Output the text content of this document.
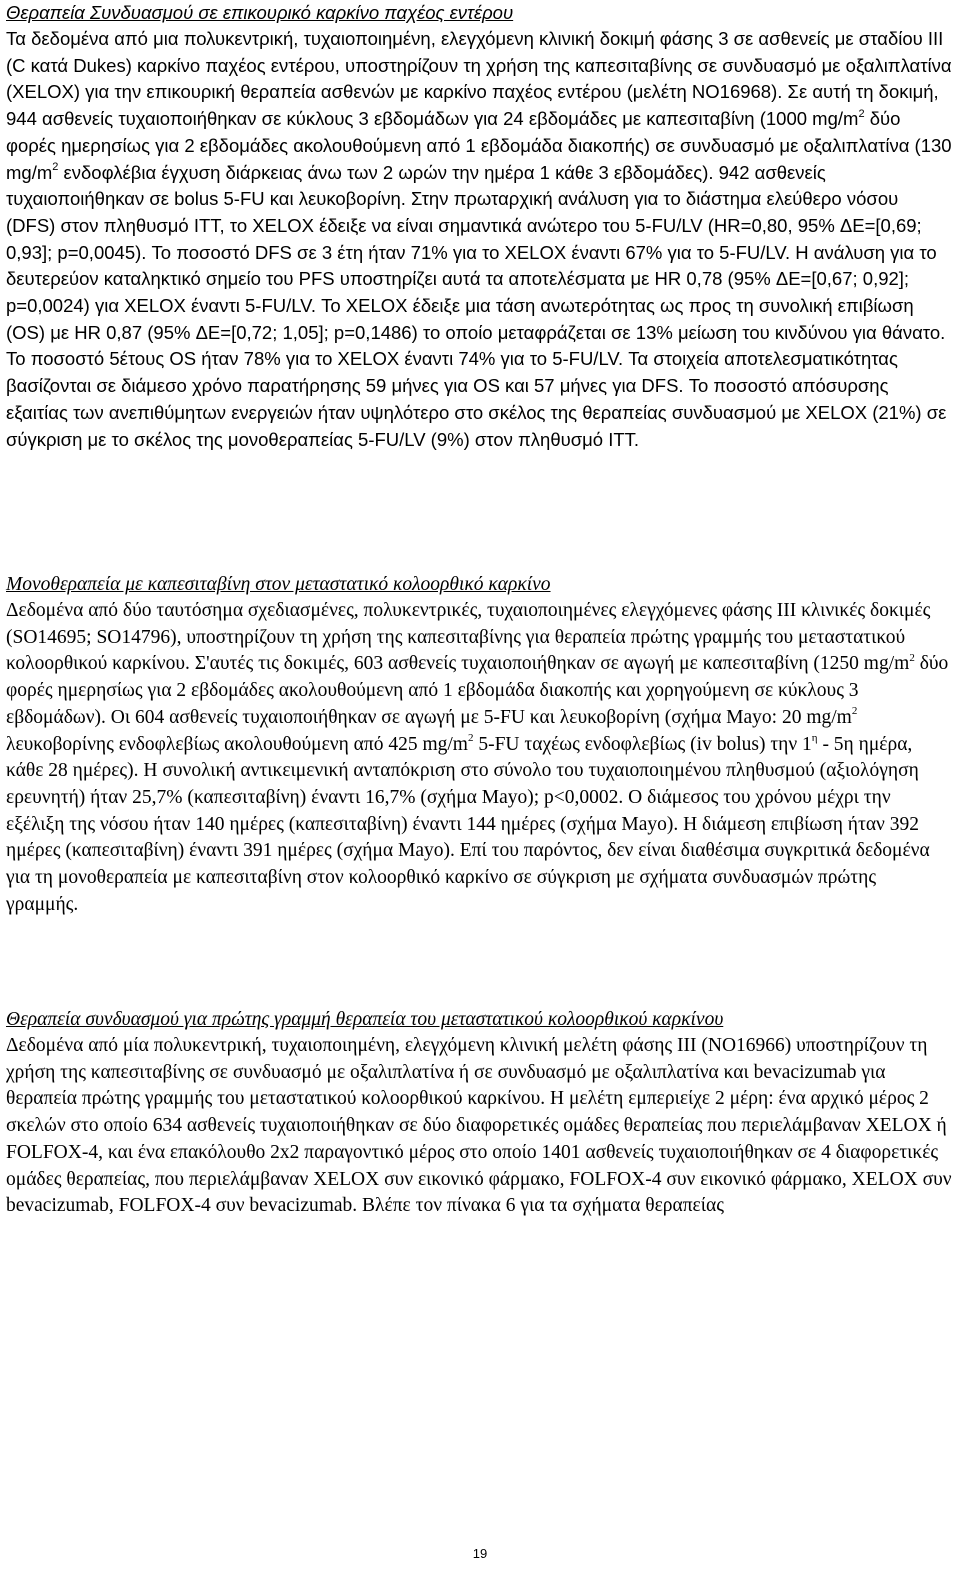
Θεραπεία Συνδυασμού σε επικουρικό καρκίνο παχέος εντέρου

Τα δεδομένα από μια πολυκεντρική, τυχαιοποιημένη, ελεγχόμενη κλινική δοκιμή φάσης 3 σε ασθενείς με σταδίου ΙΙΙ (C κατά Dukes) καρκίνο παχέος εντέρου, υποστηρίζουν τη χρήση της καπεσιταβίνης σε συνδυασμό με οξαλιπλατίνα (XELOX) για την επικουρική θεραπεία ασθενών με καρκίνο παχέος εντέρου (μελέτη NO16968). Σε αυτή τη δοκιμή, 944 ασθενείς τυχαιοποιήθηκαν σε κύκλους 3 εβδομάδων για 24 εβδομάδες με καπεσιταβίνη (1000 $mg/m^2$ δύο φορές ημερησίως για 2 εβδομάδες ακολουθούμενη από 1 εβδομάδα διακοπής) σε συνδυασμό με οξαλιπλατίνα (130 $mg/m^2$ ενδοφλέβια έγχυση διάρκειας άνω των 2 ωρών την ημέρα 1 κάθε 3 εβδομάδες). 942 ασθενείς τυχαιοποιήθηκαν σε bolus 5-FU και λευκοβορίνη. Στην πρωταρχική ανάλυση για το διάστημα ελεύθερο νόσου (DFS) στον πληθυσμό ITT, το XELOX έδειξε να είναι σημαντικά ανώτερο του 5-FU/LV (HR=0,80, 95% ΔΕ=[0,69; 0,93]; p=0,0045). Το ποσοστό DFS σε 3 έτη ήταν 71% για το XELOX έναντι 67% για το 5-FU/LV. Η ανάλυση για το δευτερεύον καταληκτικό σημείο του PFS υποστηρίζει αυτά τα αποτελέσματα με HR 0,78 (95% ΔΕ=[0,67; 0,92]; p=0,0024) για XELOX έναντι 5-FU/LV. Το XELOX έδειξε μια τάση ανωτερότητας ως προς τη συνολική επιβίωση (OS) με HR 0,87 (95% ΔΕ=[0,72; 1,05]; p=0,1486) το οποίο μεταφράζεται σε 13% μείωση του κινδύνου για θάνατο. Το ποσοστό 5έτους OS ήταν 78% για το XELOX έναντι 74% για το 5-FU/LV. Τα στοιχεία αποτελεσματικότητας βασίζονται σε διάμεσο χρόνο παρατήρησης 59 μήνες για OS και 57 μήνες για DFS. Το ποσοστό απόσυρσης εξαιτίας των ανεπιθύμητων ενεργειών ήταν υψηλότερο στο σκέλος της θεραπείας συνδυασμού με XELOX (21%) σε σύγκριση με το σκέλος της μονοθεραπείας 5-FU/LV (9%) στον πληθυσμό ITT.

Μονοθεραπεία με καπεσιταβίνη στον μεταστατικό κολοορθικό καρκίνο

Δεδομένα από δύο ταυτόσημα σχεδιασμένες, πολυκεντρικές, τυχαιοποιημένες ελεγχόμενες φάσης ΙΙΙ κλινικές δοκιμές (SO14695; SO14796), υποστηρίζουν τη χρήση της καπεσιταβίνης για θεραπεία πρώτης γραμμής του μεταστατικού κολοορθικού καρκίνου. Σ'αυτές τις δοκιμές, 603 ασθενείς τυχαιοποιήθηκαν σε αγωγή με καπεσιταβίνη (1250 $mg/m^2$ δύο φορές ημερησίως για 2 εβδομάδες ακολουθούμενη από 1 εβδομάδα διακοπής και χορηγούμενη σε κύκλους 3 εβδομάδων). Οι 604 ασθενείς τυχαιοποιήθηκαν σε αγωγή με 5-FU και λευκοβορίνη (σχήμα Mayo: 20 $mg/m^2$ λευκοβορίνης ενδοφλεβίως ακολουθούμενη από 425 $mg/m^2$ 5-FU ταχέως ενδοφλεβίως (iv bolus) την $1^\eta - 5\eta$ ημέρα, κάθε 28 ημέρες). Η συνολική αντικειμενική ανταπόκριση στο σύνολο του τυχαιοποιημένου πληθυσμού (αξιολόγηση ερευνητή) ήταν 25,7% (καπεσιταβίνη) έναντι 16,7% (σχήμα Mayo); p<0,0002. Ο διάμεσος του χρόνου μέχρι την εξέλιξη της νόσου ήταν 140 ημέρες (καπεσιταβίνη) έναντι 144 ημέρες (σχήμα Mayo). Η διάμεση επιβίωση ήταν 392 ημέρες (καπεσιταβίνη) έναντι 391 ημέρες (σχήμα Mayo). Επί του παρόντος, δεν είναι διαθέσιμα συγκριτικά δεδομένα για τη μονοθεραπεία με καπεσιταβίνη στον κολοορθικό καρκίνο σε σύγκριση με σχήματα συνδυασμών πρώτης γραμμής.

Θεραπεία συνδυασμού για πρώτης γραμμή θεραπεία του μεταστατικού κολοορθικού καρκίνου

Δεδομένα από μία πολυκεντρική, τυχαιοποιημένη, ελεγχόμενη κλινική μελέτη φάσης ΙΙΙ (NO16966) υποστηρίζουν τη χρήση της καπεσιταβίνης σε συνδυασμό με οξαλιπλατίνα ή σε συνδυασμό με οξαλιπλατίνα και bevacizumab για θεραπεία πρώτης γραμμής του μεταστατικού κολοορθικού καρκίνου. Η μελέτη εμπεριείχε 2 μέρη: ένα αρχικό μέρος 2 σκελών στο οποίο 634 ασθενείς τυχαιοποιήθηκαν σε δύο διαφορετικές ομάδες θεραπείας που περιελάμβαναν XELOX ή FOLFOX-4, και ένα επακόλουθο 2x2 παραγοντικό μέρος στο οποίο 1401 ασθενείς τυχαιοποιήθηκαν σε 4 διαφορετικές ομάδες θεραπείας, που περιελάμβαναν XELOX συν εικονικό φάρμακο, FOLFOX-4 συν εικονικό φάρμακο, XELOX συν bevacizumab, FOLFOX-4 συν bevacizumab. Βλέπε τον πίνακα 6 για τα σχήματα θεραπείας

19
